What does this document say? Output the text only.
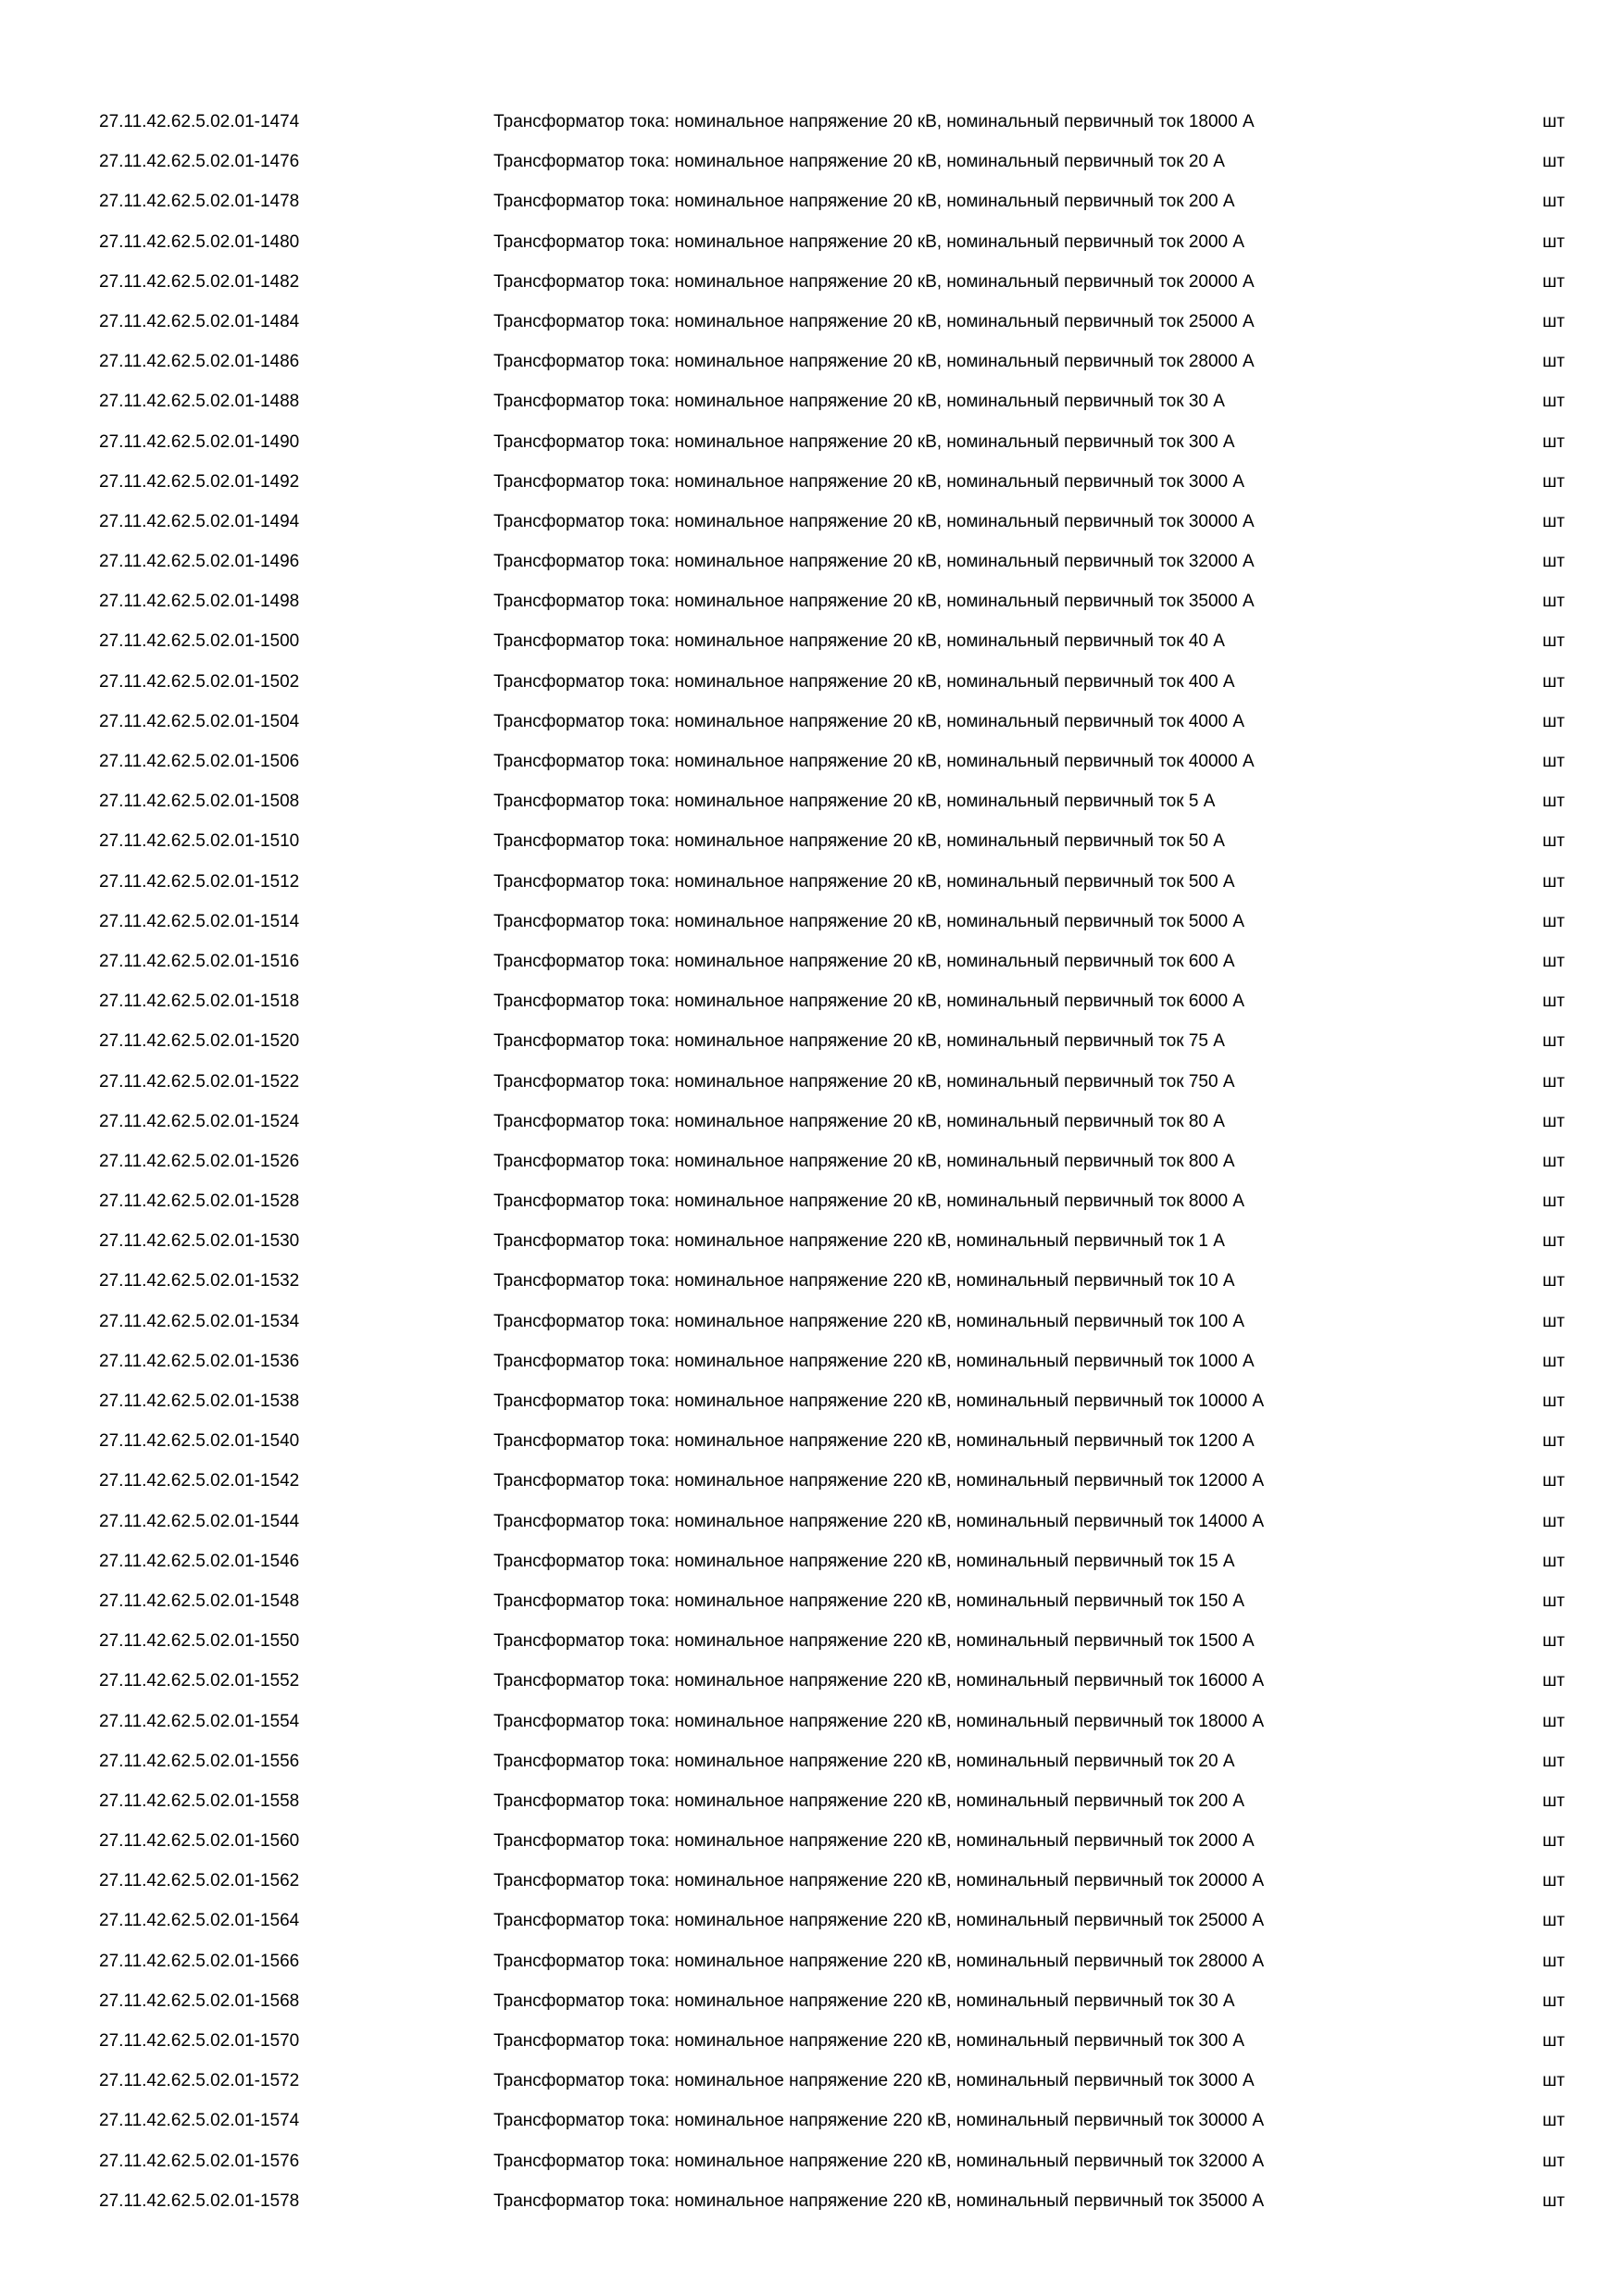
27.11.42.62.5.02.01-1474	Трансформатор тока: номинальное напряжение 20 кВ, номинальный первичный ток 18000 А	шт
27.11.42.62.5.02.01-1476	Трансформатор тока: номинальное напряжение 20 кВ, номинальный первичный ток 20 А	шт
27.11.42.62.5.02.01-1478	Трансформатор тока: номинальное напряжение 20 кВ, номинальный первичный ток 200 А	шт
27.11.42.62.5.02.01-1480	Трансформатор тока: номинальное напряжение 20 кВ, номинальный первичный ток 2000 А	шт
27.11.42.62.5.02.01-1482	Трансформатор тока: номинальное напряжение 20 кВ, номинальный первичный ток 20000 А	шт
27.11.42.62.5.02.01-1484	Трансформатор тока: номинальное напряжение 20 кВ, номинальный первичный ток 25000 А	шт
27.11.42.62.5.02.01-1486	Трансформатор тока: номинальное напряжение 20 кВ, номинальный первичный ток 28000 А	шт
27.11.42.62.5.02.01-1488	Трансформатор тока: номинальное напряжение 20 кВ, номинальный первичный ток 30 А	шт
27.11.42.62.5.02.01-1490	Трансформатор тока: номинальное напряжение 20 кВ, номинальный первичный ток 300 А	шт
27.11.42.62.5.02.01-1492	Трансформатор тока: номинальное напряжение 20 кВ, номинальный первичный ток 3000 А	шт
27.11.42.62.5.02.01-1494	Трансформатор тока: номинальное напряжение 20 кВ, номинальный первичный ток 30000 А	шт
27.11.42.62.5.02.01-1496	Трансформатор тока: номинальное напряжение 20 кВ, номинальный первичный ток 32000 А	шт
27.11.42.62.5.02.01-1498	Трансформатор тока: номинальное напряжение 20 кВ, номинальный первичный ток 35000 А	шт
27.11.42.62.5.02.01-1500	Трансформатор тока: номинальное напряжение 20 кВ, номинальный первичный ток 40 А	шт
27.11.42.62.5.02.01-1502	Трансформатор тока: номинальное напряжение 20 кВ, номинальный первичный ток 400 А	шт
27.11.42.62.5.02.01-1504	Трансформатор тока: номинальное напряжение 20 кВ, номинальный первичный ток 4000 А	шт
27.11.42.62.5.02.01-1506	Трансформатор тока: номинальное напряжение 20 кВ, номинальный первичный ток 40000 А	шт
27.11.42.62.5.02.01-1508	Трансформатор тока: номинальное напряжение 20 кВ, номинальный первичный ток 5 А	шт
27.11.42.62.5.02.01-1510	Трансформатор тока: номинальное напряжение 20 кВ, номинальный первичный ток 50 А	шт
27.11.42.62.5.02.01-1512	Трансформатор тока: номинальное напряжение 20 кВ, номинальный первичный ток 500 А	шт
27.11.42.62.5.02.01-1514	Трансформатор тока: номинальное напряжение 20 кВ, номинальный первичный ток 5000 А	шт
27.11.42.62.5.02.01-1516	Трансформатор тока: номинальное напряжение 20 кВ, номинальный первичный ток 600 А	шт
27.11.42.62.5.02.01-1518	Трансформатор тока: номинальное напряжение 20 кВ, номинальный первичный ток 6000 А	шт
27.11.42.62.5.02.01-1520	Трансформатор тока: номинальное напряжение 20 кВ, номинальный первичный ток 75 А	шт
27.11.42.62.5.02.01-1522	Трансформатор тока: номинальное напряжение 20 кВ, номинальный первичный ток 750 А	шт
27.11.42.62.5.02.01-1524	Трансформатор тока: номинальное напряжение 20 кВ, номинальный первичный ток 80 А	шт
27.11.42.62.5.02.01-1526	Трансформатор тока: номинальное напряжение 20 кВ, номинальный первичный ток 800 А	шт
27.11.42.62.5.02.01-1528	Трансформатор тока: номинальное напряжение 20 кВ, номинальный первичный ток 8000 А	шт
27.11.42.62.5.02.01-1530	Трансформатор тока: номинальное напряжение 220 кВ, номинальный первичный ток 1 А	шт
27.11.42.62.5.02.01-1532	Трансформатор тока: номинальное напряжение 220 кВ, номинальный первичный ток 10 А	шт
27.11.42.62.5.02.01-1534	Трансформатор тока: номинальное напряжение 220 кВ, номинальный первичный ток 100 А	шт
27.11.42.62.5.02.01-1536	Трансформатор тока: номинальное напряжение 220 кВ, номинальный первичный ток 1000 А	шт
27.11.42.62.5.02.01-1538	Трансформатор тока: номинальное напряжение 220 кВ, номинальный первичный ток 10000 А	шт
27.11.42.62.5.02.01-1540	Трансформатор тока: номинальное напряжение 220 кВ, номинальный первичный ток 1200 А	шт
27.11.42.62.5.02.01-1542	Трансформатор тока: номинальное напряжение 220 кВ, номинальный первичный ток 12000 А	шт
27.11.42.62.5.02.01-1544	Трансформатор тока: номинальное напряжение 220 кВ, номинальный первичный ток 14000 А	шт
27.11.42.62.5.02.01-1546	Трансформатор тока: номинальное напряжение 220 кВ, номинальный первичный ток 15 А	шт
27.11.42.62.5.02.01-1548	Трансформатор тока: номинальное напряжение 220 кВ, номинальный первичный ток 150 А	шт
27.11.42.62.5.02.01-1550	Трансформатор тока: номинальное напряжение 220 кВ, номинальный первичный ток 1500 А	шт
27.11.42.62.5.02.01-1552	Трансформатор тока: номинальное напряжение 220 кВ, номинальный первичный ток 16000 А	шт
27.11.42.62.5.02.01-1554	Трансформатор тока: номинальное напряжение 220 кВ, номинальный первичный ток 18000 А	шт
27.11.42.62.5.02.01-1556	Трансформатор тока: номинальное напряжение 220 кВ, номинальный первичный ток 20 А	шт
27.11.42.62.5.02.01-1558	Трансформатор тока: номинальное напряжение 220 кВ, номинальный первичный ток 200 А	шт
27.11.42.62.5.02.01-1560	Трансформатор тока: номинальное напряжение 220 кВ, номинальный первичный ток 2000 А	шт
27.11.42.62.5.02.01-1562	Трансформатор тока: номинальное напряжение 220 кВ, номинальный первичный ток 20000 А	шт
27.11.42.62.5.02.01-1564	Трансформатор тока: номинальное напряжение 220 кВ, номинальный первичный ток 25000 А	шт
27.11.42.62.5.02.01-1566	Трансформатор тока: номинальное напряжение 220 кВ, номинальный первичный ток 28000 А	шт
27.11.42.62.5.02.01-1568	Трансформатор тока: номинальное напряжение 220 кВ, номинальный первичный ток 30 А	шт
27.11.42.62.5.02.01-1570	Трансформатор тока: номинальное напряжение 220 кВ, номинальный первичный ток 300 А	шт
27.11.42.62.5.02.01-1572	Трансформатор тока: номинальное напряжение 220 кВ, номинальный первичный ток 3000 А	шт
27.11.42.62.5.02.01-1574	Трансформатор тока: номинальное напряжение 220 кВ, номинальный первичный ток 30000 А	шт
27.11.42.62.5.02.01-1576	Трансформатор тока: номинальное напряжение 220 кВ, номинальный первичный ток 32000 А	шт
27.11.42.62.5.02.01-1578	Трансформатор тока: номинальное напряжение 220 кВ, номинальный первичный ток 35000 А	шт
